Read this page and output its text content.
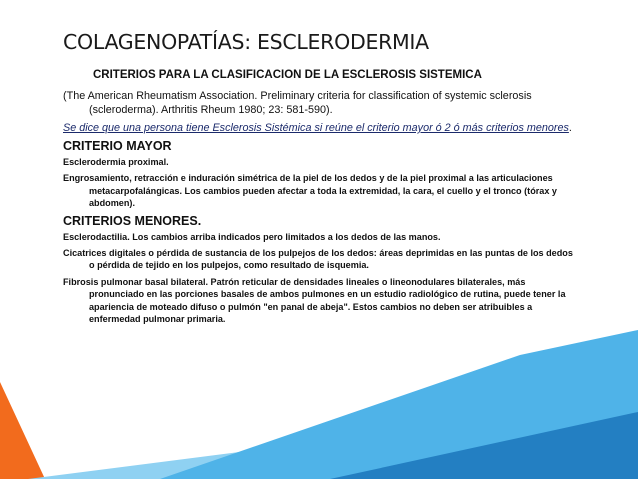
COLAGENOPATÍAS: ESCLERODERMIA
CRITERIOS PARA LA CLASIFICACION DE LA ESCLEROSIS SISTEMICA

(The American Rheumatism Association. Preliminary criteria for classification of systemic sclerosis (scleroderma). Arthritis Rheum 1980; 23: 581-590).

Se dice que una persona tiene Esclerosis Sistémica si reúne el criterio mayor ó 2 ó más criterios menores.

CRITERIO MAYOR

Esclerodermia proximal.

Engrosamiento, retracción e induración simétrica de la piel de los dedos y de la piel proximal a las articulaciones metacarpofalángicas. Los cambios pueden afectar a toda la extremidad, la cara, el cuello y el tronco (tórax y abdomen).

CRITERIOS MENORES.

Esclerodactilia. Los cambios arriba indicados pero limitados a los dedos de las manos.

Cicatrices digitales o pérdida de sustancia de los pulpejos de los dedos: áreas deprimidas en las puntas de los dedos o pérdida de tejido en los pulpejos, como resultado de isquemia.

Fibrosis pulmonar basal bilateral. Patrón reticular de densidades lineales o lineonodulares bilaterales, más pronunciado en las porciones basales de ambos pulmones en un estudio radiológico de rutina, puede tener la apariencia de moteado difuso o pulmón "en panal de abeja". Estos cambios no deben ser atribuibles a enfermedad pulmonar primaria.
